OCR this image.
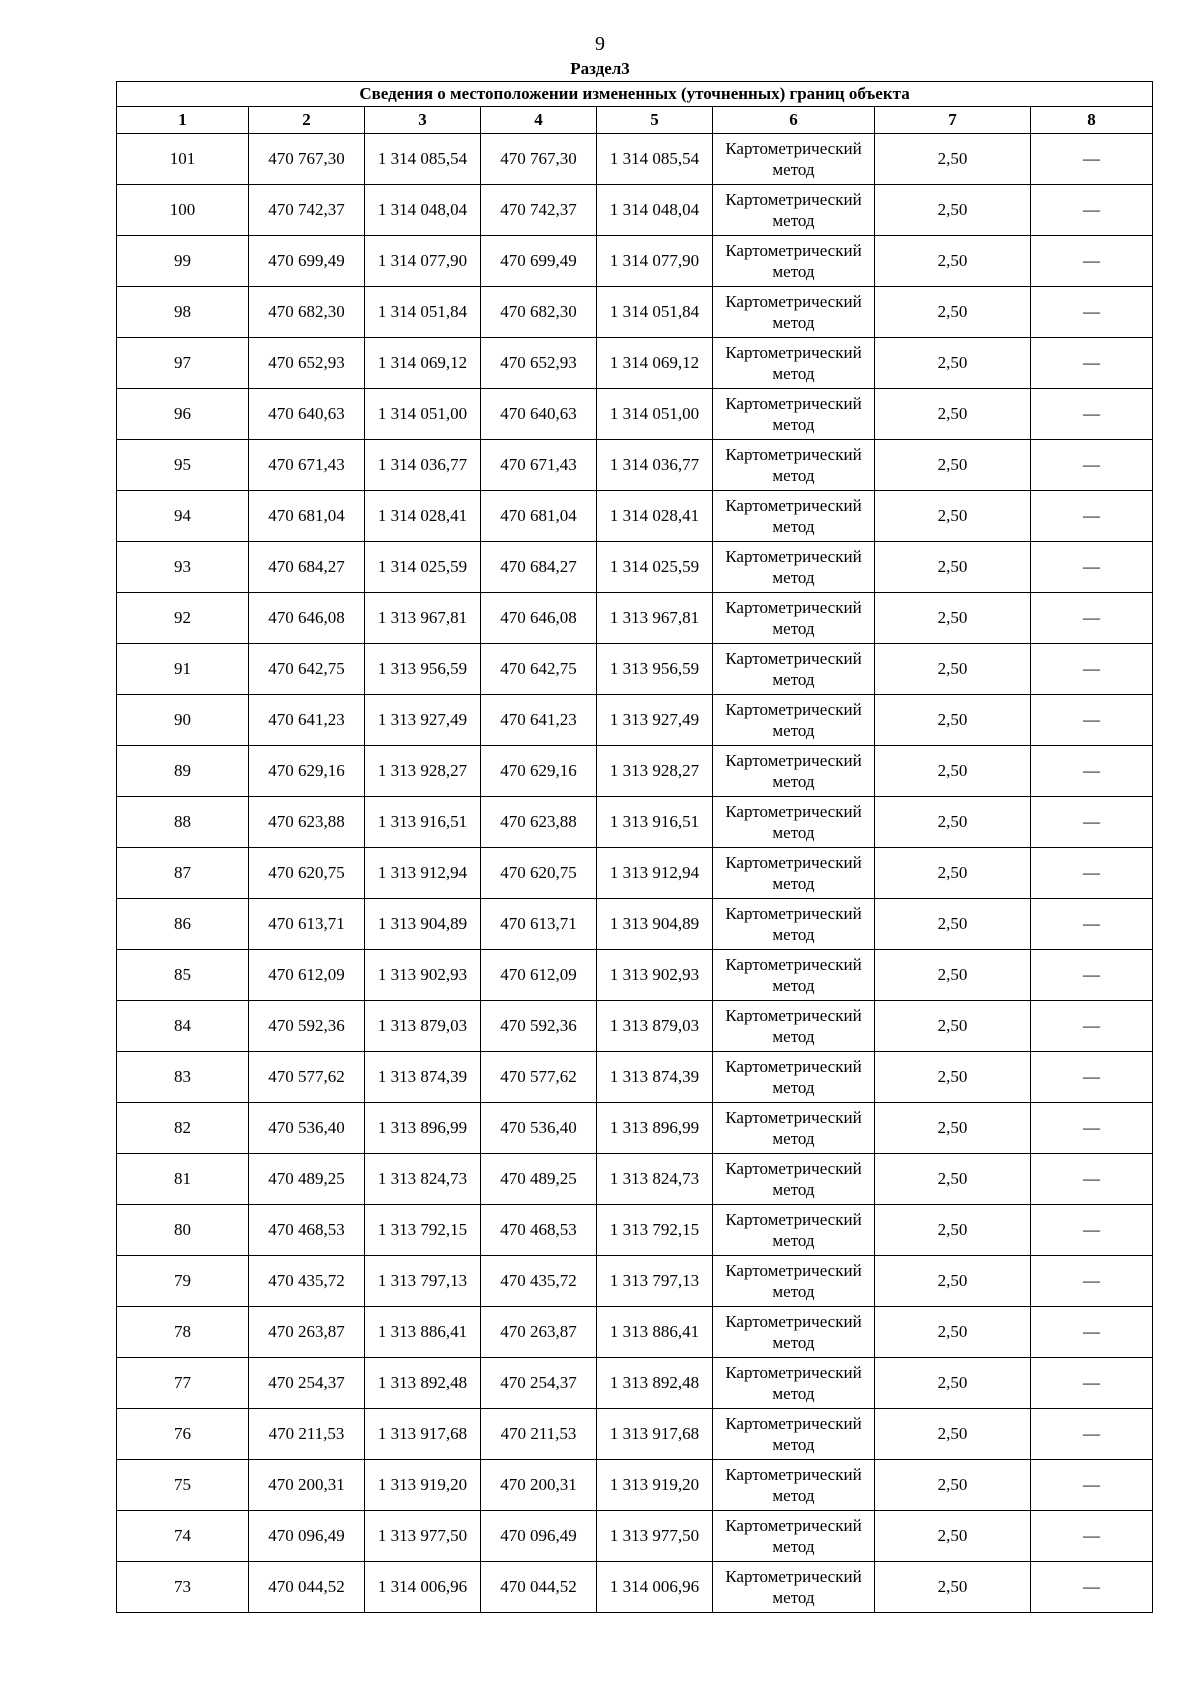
9
Раздел3
Сведения о местоположении измененных (уточненных) границ объекта							
1	2	3	4	5	6	7	8
101	470 767,30	1 314 085,54	470 767,30	1 314 085,54	Картометрический метод	2,50	—
100	470 742,37	1 314 048,04	470 742,37	1 314 048,04	Картометрический метод	2,50	—
99	470 699,49	1 314 077,90	470 699,49	1 314 077,90	Картометрический метод	2,50	—
98	470 682,30	1 314 051,84	470 682,30	1 314 051,84	Картометрический метод	2,50	—
97	470 652,93	1 314 069,12	470 652,93	1 314 069,12	Картометрический метод	2,50	—
96	470 640,63	1 314 051,00	470 640,63	1 314 051,00	Картометрический метод	2,50	—
95	470 671,43	1 314 036,77	470 671,43	1 314 036,77	Картометрический метод	2,50	—
94	470 681,04	1 314 028,41	470 681,04	1 314 028,41	Картометрический метод	2,50	—
93	470 684,27	1 314 025,59	470 684,27	1 314 025,59	Картометрический метод	2,50	—
92	470 646,08	1 313 967,81	470 646,08	1 313 967,81	Картометрический метод	2,50	—
91	470 642,75	1 313 956,59	470 642,75	1 313 956,59	Картометрический метод	2,50	—
90	470 641,23	1 313 927,49	470 641,23	1 313 927,49	Картометрический метод	2,50	—
89	470 629,16	1 313 928,27	470 629,16	1 313 928,27	Картометрический метод	2,50	—
88	470 623,88	1 313 916,51	470 623,88	1 313 916,51	Картометрический метод	2,50	—
87	470 620,75	1 313 912,94	470 620,75	1 313 912,94	Картометрический метод	2,50	—
86	470 613,71	1 313 904,89	470 613,71	1 313 904,89	Картометрический метод	2,50	—
85	470 612,09	1 313 902,93	470 612,09	1 313 902,93	Картометрический метод	2,50	—
84	470 592,36	1 313 879,03	470 592,36	1 313 879,03	Картометрический метод	2,50	—
83	470 577,62	1 313 874,39	470 577,62	1 313 874,39	Картометрический метод	2,50	—
82	470 536,40	1 313 896,99	470 536,40	1 313 896,99	Картометрический метод	2,50	—
81	470 489,25	1 313 824,73	470 489,25	1 313 824,73	Картометрический метод	2,50	—
80	470 468,53	1 313 792,15	470 468,53	1 313 792,15	Картометрический метод	2,50	—
79	470 435,72	1 313 797,13	470 435,72	1 313 797,13	Картометрический метод	2,50	—
78	470 263,87	1 313 886,41	470 263,87	1 313 886,41	Картометрический метод	2,50	—
77	470 254,37	1 313 892,48	470 254,37	1 313 892,48	Картометрический метод	2,50	—
76	470 211,53	1 313 917,68	470 211,53	1 313 917,68	Картометрический метод	2,50	—
75	470 200,31	1 313 919,20	470 200,31	1 313 919,20	Картометрический метод	2,50	—
74	470 096,49	1 313 977,50	470 096,49	1 313 977,50	Картометрический метод	2,50	—
73	470 044,52	1 314 006,96	470 044,52	1 314 006,96	Картометрический метод	2,50	—
